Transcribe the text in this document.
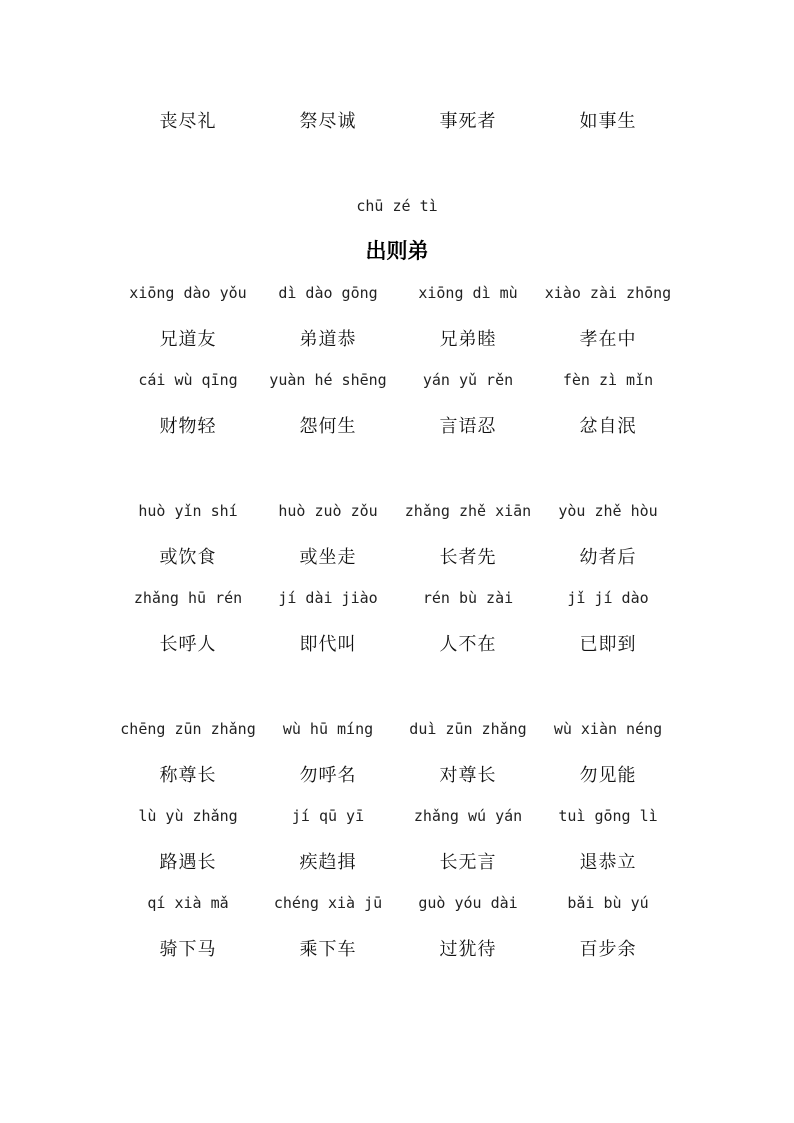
丧尽礼	祭尽诚	事死者	如事生
chū zé tì
出则弟
xiōng dào yǒu	dì dào gōng	xiōng dì mù	xiào zài zhōng
兄道友	弟道恭	兄弟睦	孝在中
cái wù qīng	yuàn hé shēng	yán yǔ rěn	fèn zì mǐn
财物轻	怨何生	言语忍	忿自泯
huò yǐn shí	huò zuò zǒu	zhǎng zhě xiān	yòu zhě hòu
或饮食	或坐走	长者先	幼者后
zhǎng hū rén	jí dài jiào	rén bù zài	jǐ jí dào
长呼人	即代叫	人不在	已即到
chēng zūn zhǎng	wù hū míng	duì zūn zhǎng	wù xiàn néng
称尊长	勿呼名	对尊长	勿见能
lù yù zhǎng	jí qū yī	zhǎng wú yán	tuì gōng lì
路遇长	疾趋揖	长无言	退恭立
qí xià mǎ	chéng xià jū	guò yóu dài	bǎi bù yú
骑下马	乘下车	过犹待	百步余
